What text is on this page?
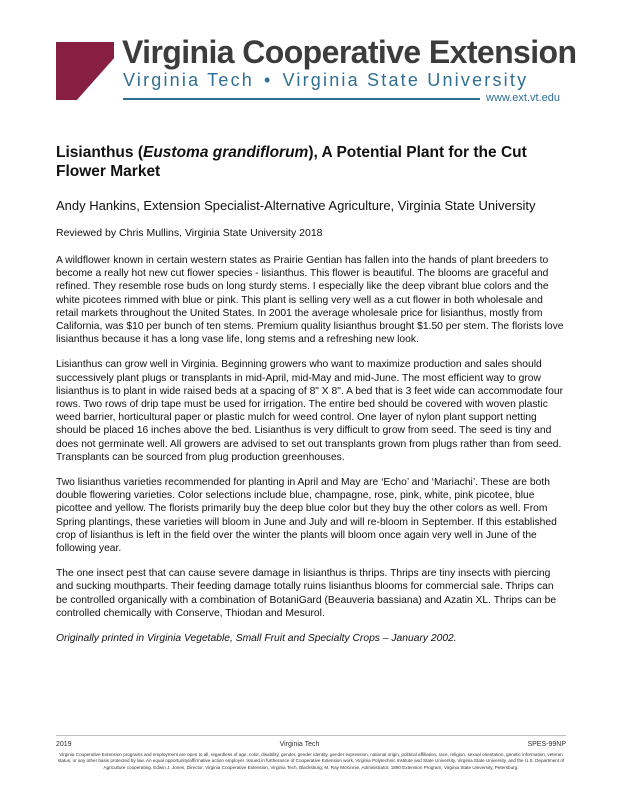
Virginia Cooperative Extension
Virginia Tech • Virginia State University
www.ext.vt.edu
Lisianthus (Eustoma grandiflorum), A Potential Plant for the Cut Flower Market

Andy Hankins, Extension Specialist-Alternative Agriculture, Virginia State University

Reviewed by Chris Mullins, Virginia State University 2018

A wildflower known in certain western states as Prairie Gentian has fallen into the hands of plant breeders to become a really hot new cut flower species - lisianthus. This flower is beautiful. The blooms are graceful and refined. They resemble rose buds on long sturdy stems. I especially like the deep vibrant blue colors and the white picotees rimmed with blue or pink. This plant is selling very well as a cut flower in both wholesale and retail markets throughout the United States. In 2001 the average wholesale price for lisianthus, mostly from California, was $10 per bunch of ten stems. Premium quality lisianthus brought $1.50 per stem. The florists love lisianthus because it has a long vase life, long stems and a refreshing new look.

Lisianthus can grow well in Virginia. Beginning growers who want to maximize production and sales should successively plant plugs or transplants in mid-April, mid-May and mid-June. The most efficient way to grow lisianthus is to plant in wide raised beds at a spacing of 8" X 8". A bed that is 3 feet wide can accommodate four rows. Two rows of drip tape must be used for irrigation. The entire bed should be covered with woven plastic weed barrier, horticultural paper or plastic mulch for weed control. One layer of nylon plant support netting should be placed 16 inches above the bed. Lisianthus is very difficult to grow from seed. The seed is tiny and does not germinate well. All growers are advised to set out transplants grown from plugs rather than from seed. Transplants can be sourced from plug production greenhouses.

Two lisianthus varieties recommended for planting in April and May are ‘Echo’ and ‘Mariachi’. These are both double flowering varieties. Color selections include blue, champagne, rose, pink, white, pink picotee, blue picottee and yellow. The florists primarily buy the deep blue color but they buy the other colors as well. From Spring plantings, these varieties will bloom in June and July and will re-bloom in September. If this established crop of lisianthus is left in the field over the winter the plants will bloom once again very well in June of the following year.

The one insect pest that can cause severe damage in lisianthus is thrips. Thrips are tiny insects with piercing and sucking mouthparts. Their feeding damage totally ruins lisianthus blooms for commercial sale. Thrips can be controlled organically with a combination of BotaniGard (Beauveria bassiana) and Azatin XL. Thrips can be controlled chemically with Conserve, Thiodan and Mesurol.

Originally printed in Virginia Vegetable, Small Fruit and Specialty Crops – January 2002.

2019	Virginia Tech	SPES-99NP
Virginia Cooperative Extension programs and employment are open to all, regardless of age, color, disability, gender, gender identity, gender expression, national origin, political affiliation, race, religion, sexual orientation, genetic information, veteran status, or any other basis protected by law. An equal opportunity/affirmative action employer. Issued in furtherance of Cooperative Extension work, Virginia Polytechnic Institute and State University, Virginia State University, and the U.S. Department of Agriculture cooperating. Edwin J. Jones, Director, Virginia Cooperative Extension, Virginia Tech, Blacksburg; M. Ray McKinnie, Administrator, 1890 Extension Program, Virginia State University, Petersburg.
